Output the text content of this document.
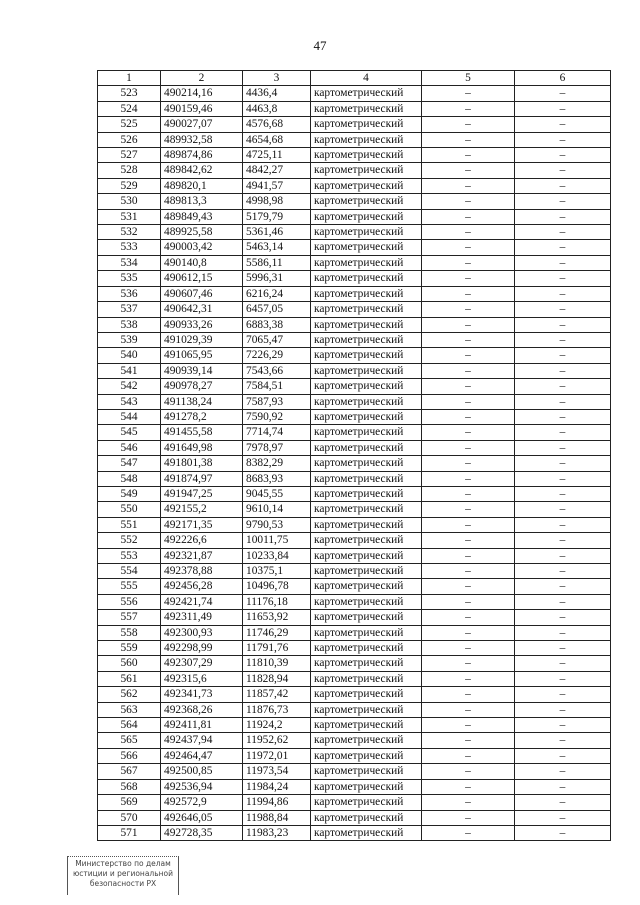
47
1	2	3	4	5	6
523	490214,16	4436,4	картометрический	–	–
524	490159,46	4463,8	картометрический	–	–
525	490027,07	4576,68	картометрический	–	–
526	489932,58	4654,68	картометрический	–	–
527	489874,86	4725,11	картометрический	–	–
528	489842,62	4842,27	картометрический	–	–
529	489820,1	4941,57	картометрический	–	–
530	489813,3	4998,98	картометрический	–	–
531	489849,43	5179,79	картометрический	–	–
532	489925,58	5361,46	картометрический	–	–
533	490003,42	5463,14	картометрический	–	–
534	490140,8	5586,11	картометрический	–	–
535	490612,15	5996,31	картометрический	–	–
536	490607,46	6216,24	картометрический	–	–
537	490642,31	6457,05	картометрический	–	–
538	490933,26	6883,38	картометрический	–	–
539	491029,39	7065,47	картометрический	–	–
540	491065,95	7226,29	картометрический	–	–
541	490939,14	7543,66	картометрический	–	–
542	490978,27	7584,51	картометрический	–	–
543	491138,24	7587,93	картометрический	–	–
544	491278,2	7590,92	картометрический	–	–
545	491455,58	7714,74	картометрический	–	–
546	491649,98	7978,97	картометрический	–	–
547	491801,38	8382,29	картометрический	–	–
548	491874,97	8683,93	картометрический	–	–
549	491947,25	9045,55	картометрический	–	–
550	492155,2	9610,14	картометрический	–	–
551	492171,35	9790,53	картометрический	–	–
552	492226,6	10011,75	картометрический	–	–
553	492321,87	10233,84	картометрический	–	–
554	492378,88	10375,1	картометрический	–	–
555	492456,28	10496,78	картометрический	–	–
556	492421,74	11176,18	картометрический	–	–
557	492311,49	11653,92	картометрический	–	–
558	492300,93	11746,29	картометрический	–	–
559	492298,99	11791,76	картометрический	–	–
560	492307,29	11810,39	картометрический	–	–
561	492315,6	11828,94	картометрический	–	–
562	492341,73	11857,42	картометрический	–	–
563	492368,26	11876,73	картометрический	–	–
564	492411,81	11924,2	картометрический	–	–
565	492437,94	11952,62	картометрический	–	–
566	492464,47	11972,01	картометрический	–	–
567	492500,85	11973,54	картометрический	–	–
568	492536,94	11984,24	картометрический	–	–
569	492572,9	11994,86	картометрический	–	–
570	492646,05	11988,84	картометрический	–	–
571	492728,35	11983,23	картометрический	–	–
Министерство по делам
юстиции и региональной
безопасности РХ
